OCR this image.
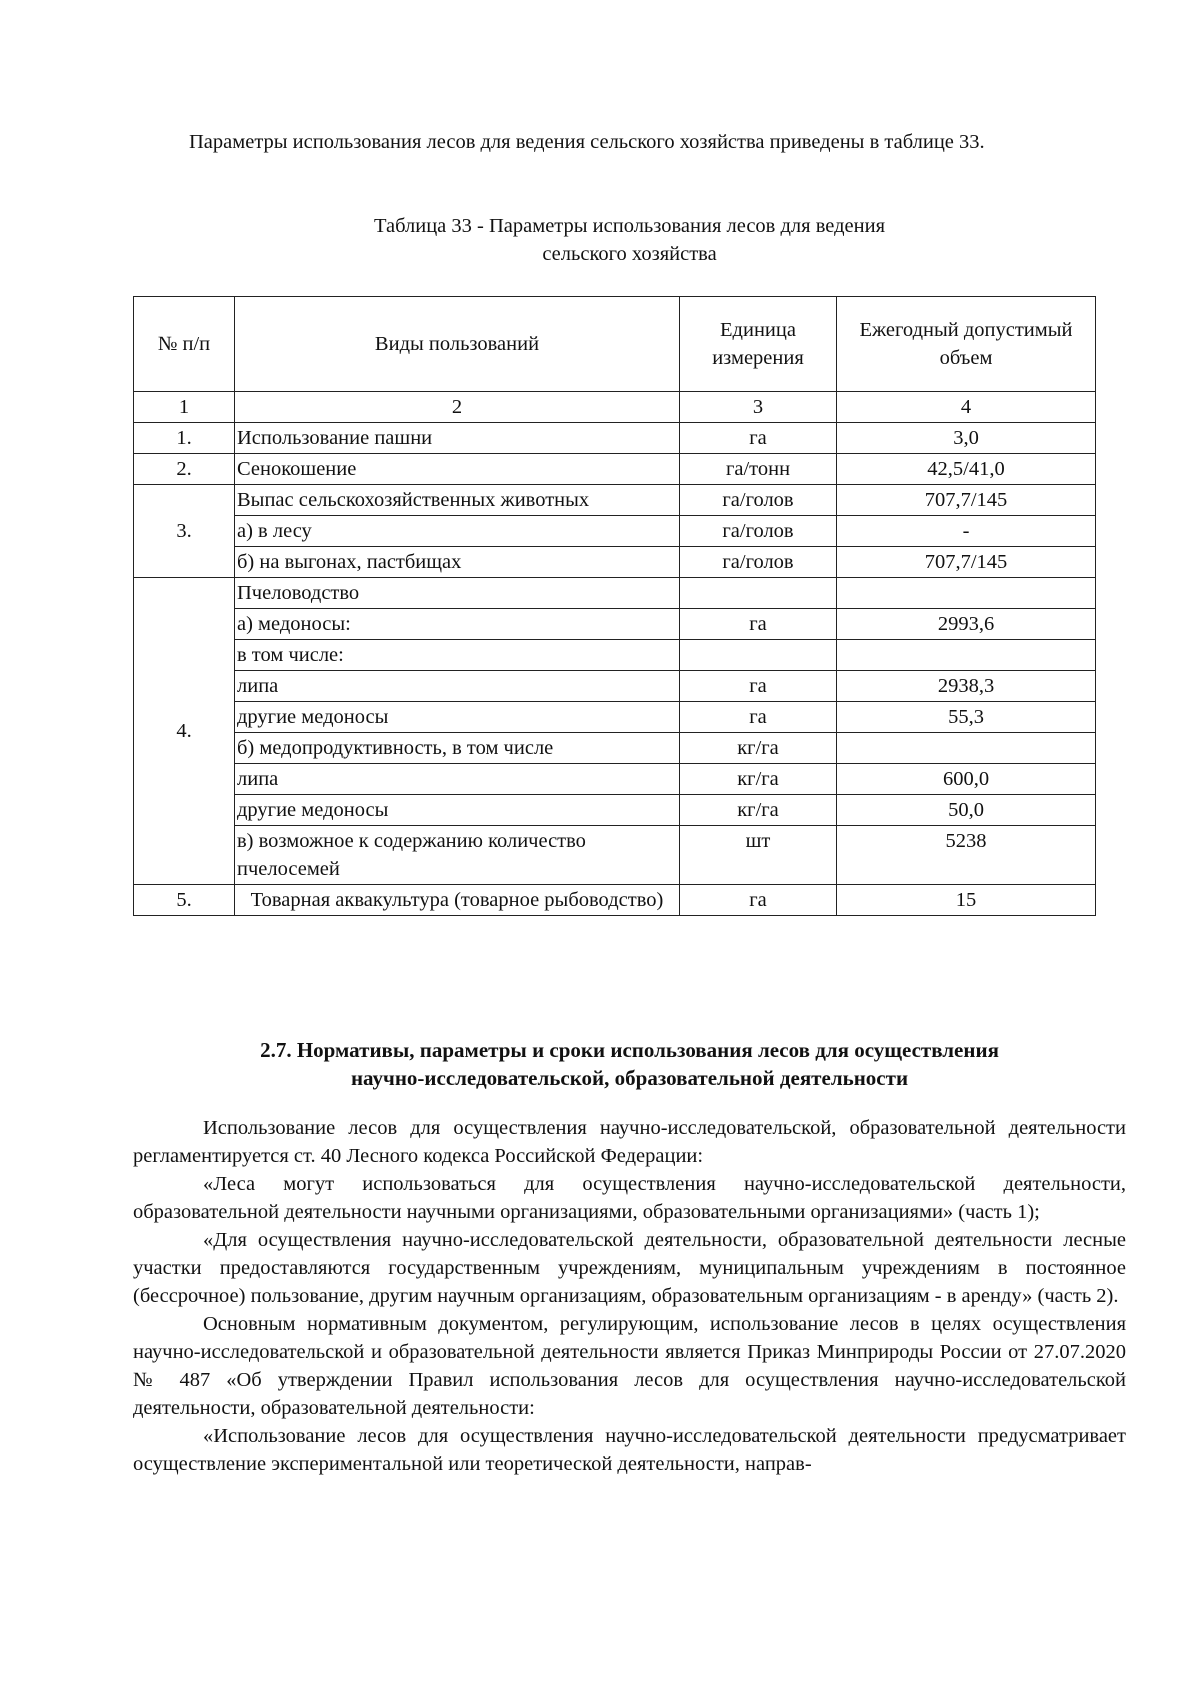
Параметры использования лесов для ведения сельского хозяйства приведены в таблице 33.

Таблица 33 - Параметры использования лесов для ведения
сельского хозяйства
№ п/п	Виды пользований	Единица измерения	Ежегодный допустимый объем
1	2	3	4
1.	Использование пашни	га	3,0
2.	Сенокошение	га/тонн	42,5/41,0
3.	Выпас сельскохозяйственных животных	га/голов	707,7/145
	а) в лесу	га/голов	-
	б) на выгонах, пастбищах	га/голов	707,7/145
4.	Пчеловодство		
	а) медоносы:	га	2993,6
	в том числе:		
	липа	га	2938,3
	другие медоносы	га	55,3
	б) медопродуктивность, в том числе	кг/га	
	липа	кг/га	600,0
	другие медоносы	кг/га	50,0
	в) возможное к содержанию количество пчелосемей	шт	5238
5.	Товарная аквакультура (товарное рыбоводство)	га	15
2.7. Нормативы, параметры и сроки использования лесов для осуществления
научно-исследовательской, образовательной деятельности

Использование лесов для осуществления научно-исследовательской, образовательной деятельности регламентируется ст. 40 Лесного кодекса Российской Федерации:

«Леса могут использоваться для осуществления научно-исследовательской деятельности, образовательной деятельности научными организациями, образовательными организациями» (часть 1);

«Для осуществления научно-исследовательской деятельности, образовательной деятельности лесные участки предоставляются государственным учреждениям, муниципальным учреждениям в постоянное (бессрочное) пользование, другим научным организациям, образовательным организациям - в аренду» (часть 2).

Основным нормативным документом, регулирующим, использование лесов в целях осуществления научно-исследовательской и образовательной деятельности является Приказ Минприроды России от 27.07.2020 № 487 «Об утверждении Правил использования лесов для осуществления научно-исследовательской деятельности, образовательной деятельности:

«Использование лесов для осуществления научно-исследовательской деятельности предусматривает осуществление экспериментальной или теоретической деятельности, направ-
